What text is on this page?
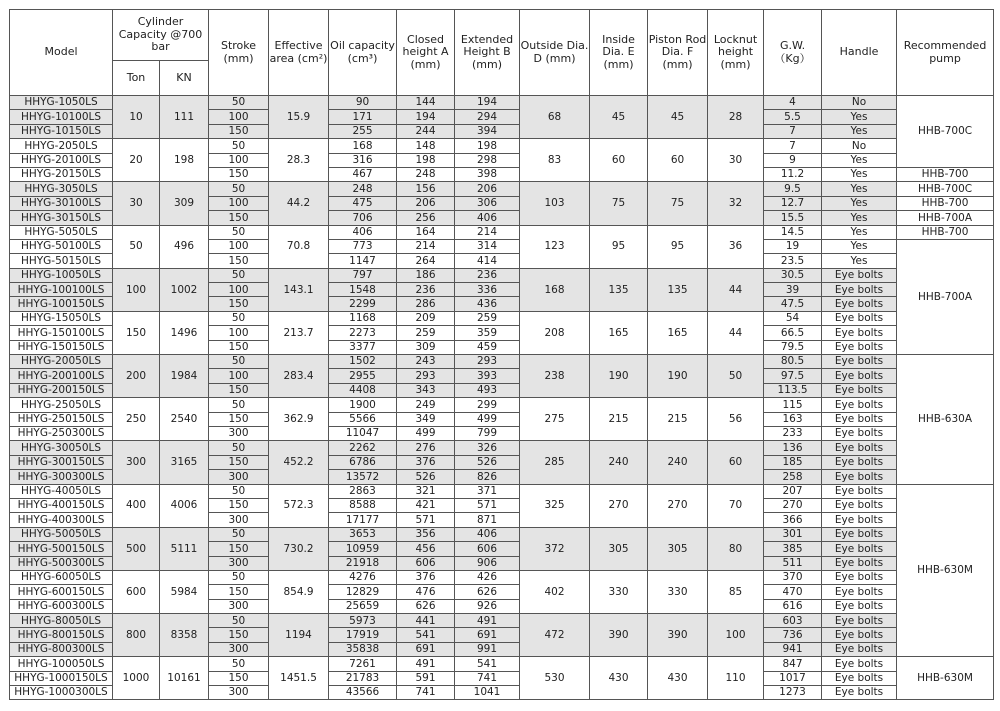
Model	Cylinder Capacity @700 bar		Stroke (mm)	Effective area (cm²)	Oil capacity (cm³)	Closed height A (mm)	Extended Height B (mm)	Outside Dia. D (mm)	Inside Dia. E (mm)	Piston Rod Dia. F (mm)	Locknut height (mm)	G.W. （Kg）	Handle	Recommended pump
	Ton	KN												
HHYG-1050LS	10	111	50	15.9	90	144	194	68	45	45	28	4	No	HHB-700C
HHYG-10100LS			100		171	194	294					5.5	Yes	
HHYG-10150LS			150		255	244	394					7	Yes	
HHYG-2050LS	20	198	50	28.3	168	148	198	83	60	60	30	7	No	
HHYG-20100LS			100		316	198	298					9	Yes	
HHYG-20150LS			150		467	248	398					11.2	Yes	HHB-700
HHYG-3050LS	30	309	50	44.2	248	156	206	103	75	75	32	9.5	Yes	HHB-700C
HHYG-30100LS			100		475	206	306					12.7	Yes	HHB-700
HHYG-30150LS			150		706	256	406					15.5	Yes	HHB-700A
HHYG-5050LS	50	496	50	70.8	406	164	214	123	95	95	36	14.5	Yes	HHB-700
HHYG-50100LS			100		773	214	314					19	Yes	HHB-700A
HHYG-50150LS			150		1147	264	414					23.5	Yes	
HHYG-10050LS	100	1002	50	143.1	797	186	236	168	135	135	44	30.5	Eye bolts	
HHYG-100100LS			100		1548	236	336					39	Eye bolts	
HHYG-100150LS			150		2299	286	436					47.5	Eye bolts	
HHYG-15050LS	150	1496	50	213.7	1168	209	259	208	165	165	44	54	Eye bolts	
HHYG-150100LS			100		2273	259	359					66.5	Eye bolts	
HHYG-150150LS			150		3377	309	459					79.5	Eye bolts	
HHYG-20050LS	200	1984	50	283.4	1502	243	293	238	190	190	50	80.5	Eye bolts	HHB-630A
HHYG-200100LS			100		2955	293	393					97.5	Eye bolts	
HHYG-200150LS			150		4408	343	493					113.5	Eye bolts	
HHYG-25050LS	250	2540	50	362.9	1900	249	299	275	215	215	56	115	Eye bolts	
HHYG-250150LS			150		5566	349	499					163	Eye bolts	
HHYG-250300LS			300		11047	499	799					233	Eye bolts	
HHYG-30050LS	300	3165	50	452.2	2262	276	326	285	240	240	60	136	Eye bolts	
HHYG-300150LS			150		6786	376	526					185	Eye bolts	
HHYG-300300LS			300		13572	526	826					258	Eye bolts	
HHYG-40050LS	400	4006	50	572.3	2863	321	371	325	270	270	70	207	Eye bolts	HHB-630M
HHYG-400150LS			150		8588	421	571					270	Eye bolts	
HHYG-400300LS			300		17177	571	871					366	Eye bolts	
HHYG-50050LS	500	5111	50	730.2	3653	356	406	372	305	305	80	301	Eye bolts	
HHYG-500150LS			150		10959	456	606					385	Eye bolts	
HHYG-500300LS			300		21918	606	906					511	Eye bolts	
HHYG-60050LS	600	5984	50	854.9	4276	376	426	402	330	330	85	370	Eye bolts	
HHYG-600150LS			150		12829	476	626					470	Eye bolts	
HHYG-600300LS			300		25659	626	926					616	Eye bolts	
HHYG-80050LS	800	8358	50	1194	5973	441	491	472	390	390	100	603	Eye bolts	
HHYG-800150LS			150		17919	541	691					736	Eye bolts	
HHYG-800300LS			300		35838	691	991					941	Eye bolts	
HHYG-100050LS	1000	10161	50	1451.5	7261	491	541	530	430	430	110	847	Eye bolts	HHB-630M
HHYG-1000150LS			150		21783	591	741					1017	Eye bolts	
HHYG-1000300LS			300		43566	741	1041					1273	Eye bolts	
